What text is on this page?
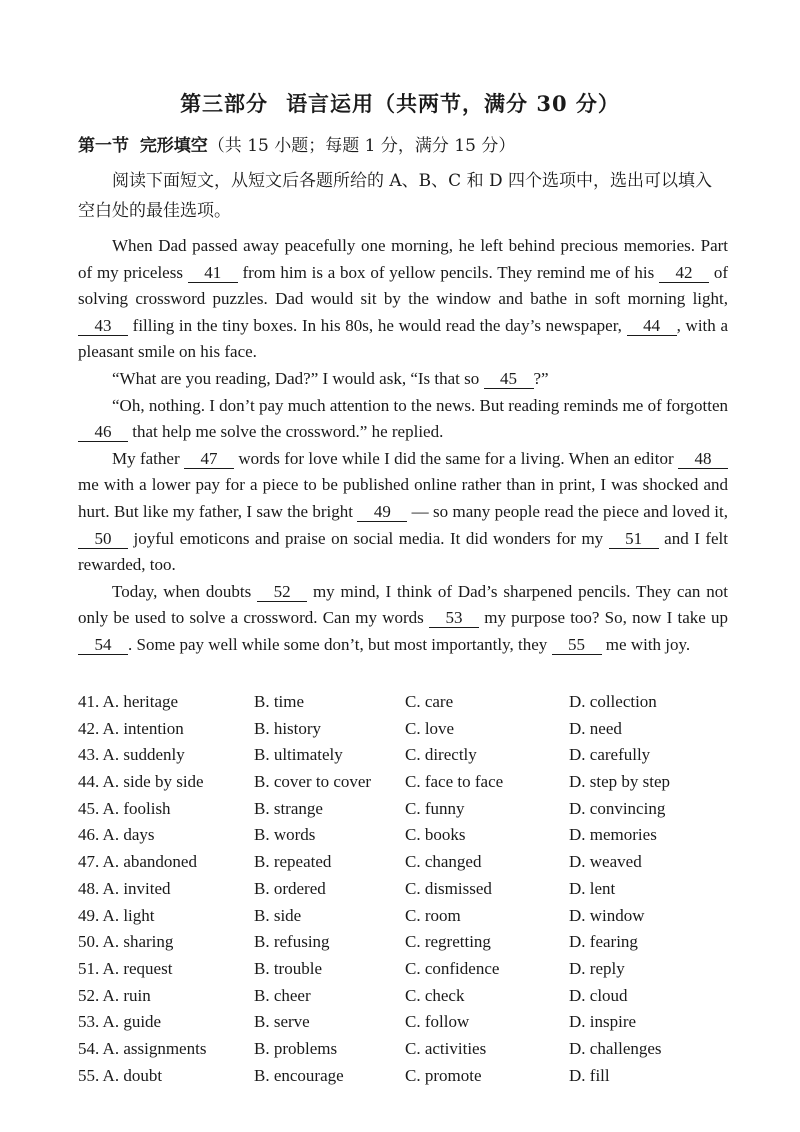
第三部分 语言运用（共两节，满分 30 分）
第一节 完形填空（共 15 小题；每题 1 分，满分 15 分）
阅读下面短文，从短文后各题所给的 A、B、C 和 D 四个选项中，选出可以填入空白处的最佳选项。

When Dad passed away peacefully one morning, he left behind precious memories. Part of my priceless 41 from him is a box of yellow pencils. They remind me of his 42 of solving crossword puzzles. Dad would sit by the window and bathe in soft morning light, 43 filling in the tiny boxes. In his 80s, he would read the day’s newspaper, 44 , with a pleasant smile on his face.

“What are you reading, Dad?” I would ask, “Is that so 45 ?”

“Oh, nothing. I don’t pay much attention to the news. But reading reminds me of forgotten 46 that help me solve the crossword.” he replied.

My father 47 words for love while I did the same for a living. When an editor 48 me with a lower pay for a piece to be published online rather than in print, I was shocked and hurt. But like my father, I saw the bright 49 — so many people read the piece and loved it, 50 joyful emoticons and praise on social media. It did wonders for my 51 and I felt rewarded, too.

Today, when doubts 52 my mind, I think of Dad’s sharpened pencils. They can not only be used to solve a crossword. Can my words 53 my purpose too? So, now I take up 54 . Some pay well while some don’t, but most importantly, they 55 me with joy.

41. A. heritage	B. time	C. care	D. collection
42. A. intention	B. history	C. love	D. need
43. A. suddenly	B. ultimately	C. directly	D. carefully
44. A. side by side	B. cover to cover	C. face to face	D. step by step
45. A. foolish	B. strange	C. funny	D. convincing
46. A. days	B. words	C. books	D. memories
47. A. abandoned	B. repeated	C. changed	D. weaved
48. A. invited	B. ordered	C. dismissed	D. lent
49. A. light	B. side	C. room	D. window
50. A. sharing	B. refusing	C. regretting	D. fearing
51. A. request	B. trouble	C. confidence	D. reply
52. A. ruin	B. cheer	C. check	D. cloud
53. A. guide	B. serve	C. follow	D. inspire
54. A. assignments	B. problems	C. activities	D. challenges
55. A. doubt	B. encourage	C. promote	D. fill
